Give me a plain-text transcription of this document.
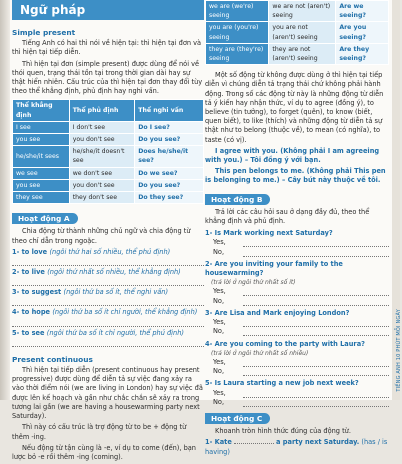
Ngữ pháp
Simple present

Tiếng Anh có hai thì nói về hiện tại: thì hiện tại đơn và thì hiện tại tiếp diễn.

Thì hiện tại đơn (simple present) được dùng để nói về thói quen, trạng thái tồn tại trong thời gian dài hay sự thật hiển nhiên. Cấu trúc của thì hiện tại đơn thay đổi tùy theo thể khẳng định, phủ định hay nghi vấn.

Thể khẳng định	Thể phủ định	Thể nghi vấn
I see	I don't see	Do I see?
you see	you don't see	Do you see?
he/she/it sees	he/she/it doesn't see	Does he/she/it see?
we see	we don't see	Do we see?
you see	you don't see	Do you see?
they see	they don't see	Do they see?
Hoạt động A

Chia động từ thành những chủ ngữ và chia động từ theo chỉ dẫn trong ngoặc.

1- to love (ngôi thứ hai số nhiều, thể phủ định)
2- to live (ngôi thứ nhất số nhiều, thể khẳng định)
3- to suggest (ngôi thứ ba số ít, thể nghi vấn)
4- to hope (ngôi thứ ba số ít chỉ người, thể khẳng định)
5- to see (ngôi thứ ba số ít chỉ người, thể phủ định)
Present continuous

Thì hiện tại tiếp diễn (present continuous hay present progressive) được dùng để diễn tả sự việc đang xảy ra vào thời điểm nói (we are living in London) hay sự việc đã được lên kế hoạch và gần như chắc chắn sẽ xảy ra trong tương lai gần (we are having a housewarming party next Saturday).

Thì này có cấu trúc là trợ động từ to be + động từ thêm -ing.

Nếu động từ tận cùng là -e, ví dụ to come (đến), bạn lược bỏ -e rồi thêm -ing (coming).

we are (we're) seeing	we are not (aren't) seeing	Are we seeing?
you are (you're) seeing	you are not (aren't) seeing	Are you seeing?
they are (they're) seeing	they are not (aren't) seeing	Are they seeing?

Một số động từ không được dùng ở thì hiện tại tiếp diễn vì chúng diễn tả trạng thái chứ không phải hành động. Trong số các động từ này là những động từ diễn tả ý kiến hay nhận thức, ví dụ to agree (đồng ý), to believe (tin tưởng), to forget (quên), to know (biết, quen biết), to like (thích) và những động từ diễn tả sự thật như to belong (thuộc về), to mean (có nghĩa), to taste (có vị).

I agree with you. (Không phải I am agreeing with you.) – Tôi đồng ý với bạn.

This pen belongs to me. (Không phải This pen is belonging to me.) – Cây bút này thuộc về tôi.

Hoạt động B

Trả lời các câu hỏi sau ở dạng đầy đủ, theo thể khẳng định và phủ định.

1- Is Mark working next Saturday?
Yes,
No,
2- Are you inviting your family to the housewarming?
(trả lời ở ngôi thứ nhất số ít)
Yes,
No,
3- Are Lisa and Mark enjoying London?
Yes,
No,
4- Are you coming to the party with Laura?
(trả lời ở ngôi thứ nhất số nhiều)
Yes,
No,
5- Is Laura starting a new job next week?
Yes,
No,
Hoạt động C

Khoanh tròn hình thức đúng của động từ.

1- Kate	a party next Saturday. (has / is having)
TIẾNG ANH 10 PHÚT MỖI NGÀY
